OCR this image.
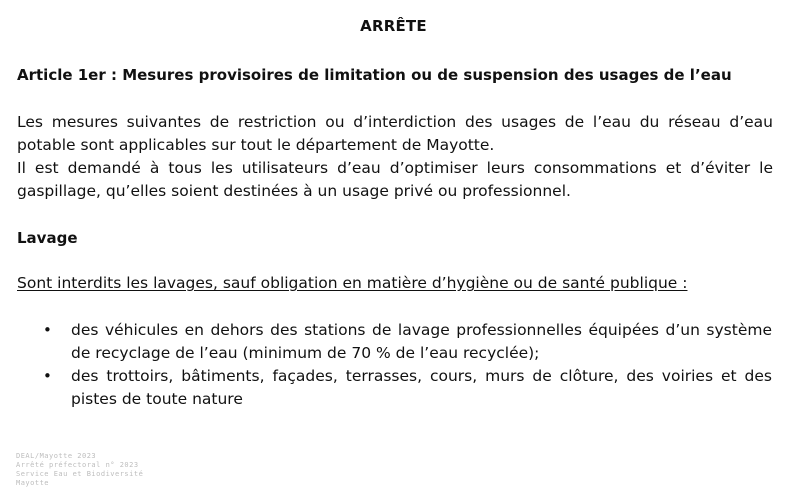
ARRÊTE
Article 1er : Mesures provisoires de limitation ou de suspension des usages de l’eau
Les mesures suivantes de restriction ou d’interdiction des usages de l’eau du réseau d’eau potable sont applicables sur tout le département de Mayotte.
Il est demandé à tous les utilisateurs d’eau d’optimiser leurs consommations et d’éviter le gaspillage, qu’elles soient destinées à un usage privé ou professionnel.
Lavage
Sont interdits les lavages, sauf obligation en matière d’hygiène ou de santé publique :
• des véhicules en dehors des stations de lavage professionnelles équipées d’un système de recyclage de l’eau (minimum de 70 % de l’eau recyclée);
• des trottoirs, bâtiments, façades, terrasses, cours, murs de clôture, des voiries et des pistes de toute nature
DEAL/Mayotte 2023
Arrêté préfectoral n° 2023
Service Eau et Biodiversité
Mayotte
